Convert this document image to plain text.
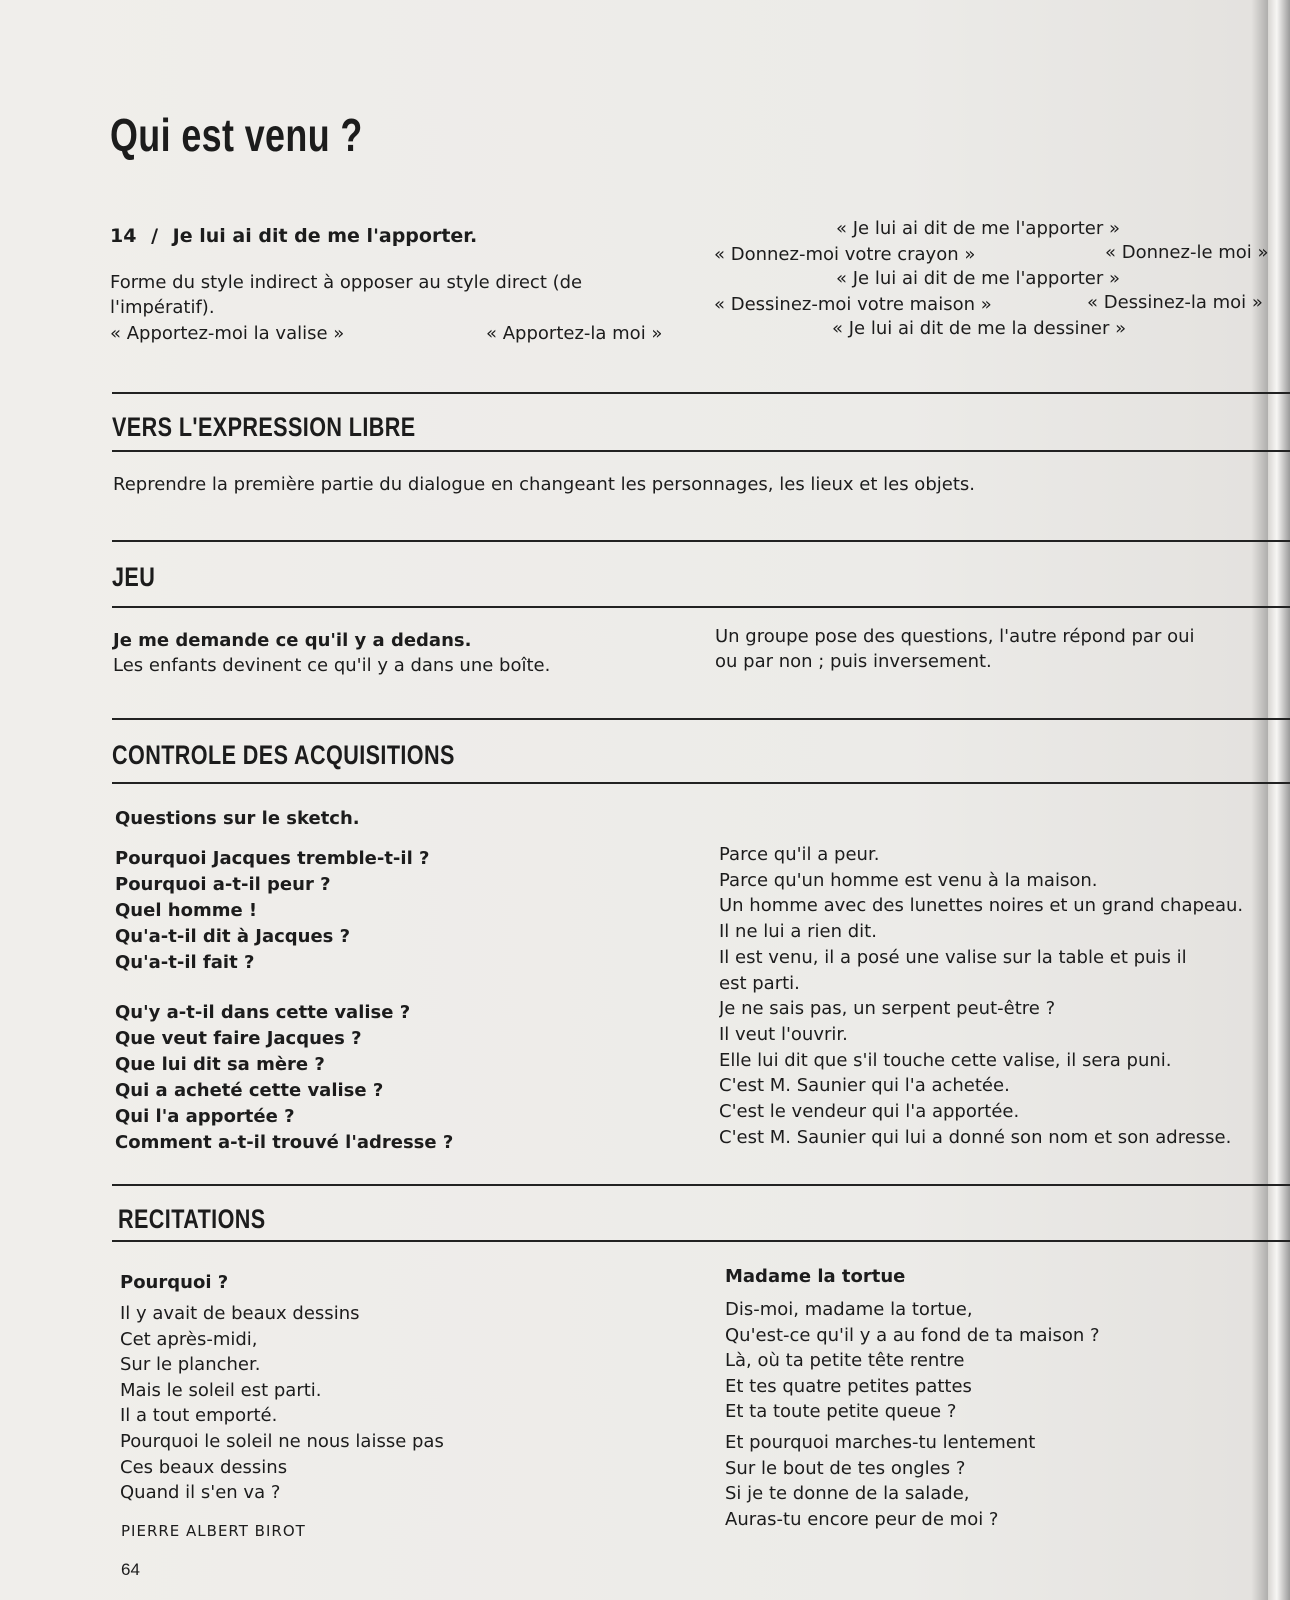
Qui est venu ?
14 / Je lui ai dit de me l'apporter.
Forme du style indirect à opposer au style direct (de
l'impératif).
« Apportez-moi la valise »	« Apportez-la moi »
« Je lui ai dit de me l'apporter »
« Donnez-moi votre crayon »	« Donnez-le moi »
« Je lui ai dit de me l'apporter »
« Dessinez-moi votre maison »	« Dessinez-la moi »
« Je lui ai dit de me la dessiner »
VERS L'EXPRESSION LIBRE
Reprendre la première partie du dialogue en changeant les personnages, les lieux et les objets.
JEU
Je me demande ce qu'il y a dedans.
Les enfants devinent ce qu'il y a dans une boîte.
Un groupe pose des questions, l'autre répond par oui
ou par non ; puis inversement.
CONTROLE DES ACQUISITIONS
Questions sur le sketch.
Pourquoi Jacques tremble-t-il ?
Pourquoi a-t-il peur ?
Quel homme !
Qu'a-t-il dit à Jacques ?
Qu'a-t-il fait ?
Qu'y a-t-il dans cette valise ?
Que veut faire Jacques ?
Que lui dit sa mère ?
Qui a acheté cette valise ?
Qui l'a apportée ?
Comment a-t-il trouvé l'adresse ?
Parce qu'il a peur.
Parce qu'un homme est venu à la maison.
Un homme avec des lunettes noires et un grand chapeau.
Il ne lui a rien dit.
Il est venu, il a posé une valise sur la table et puis il
est parti.
Je ne sais pas, un serpent peut-être ?
Il veut l'ouvrir.
Elle lui dit que s'il touche cette valise, il sera puni.
C'est M. Saunier qui l'a achetée.
C'est le vendeur qui l'a apportée.
C'est M. Saunier qui lui a donné son nom et son adresse.
RECITATIONS
Pourquoi ?
Il y avait de beaux dessins
Cet après-midi,
Sur le plancher.
Mais le soleil est parti.
Il a tout emporté.
Pourquoi le soleil ne nous laisse pas
Ces beaux dessins
Quand il s'en va ?
PIERRE ALBERT BIROT
Madame la tortue
Dis-moi, madame la tortue,
Qu'est-ce qu'il y a au fond de ta maison ?
Là, où ta petite tête rentre
Et tes quatre petites pattes
Et ta toute petite queue ?
Et pourquoi marches-tu lentement
Sur le bout de tes ongles ?
Si je te donne de la salade,
Auras-tu encore peur de moi ?
64
